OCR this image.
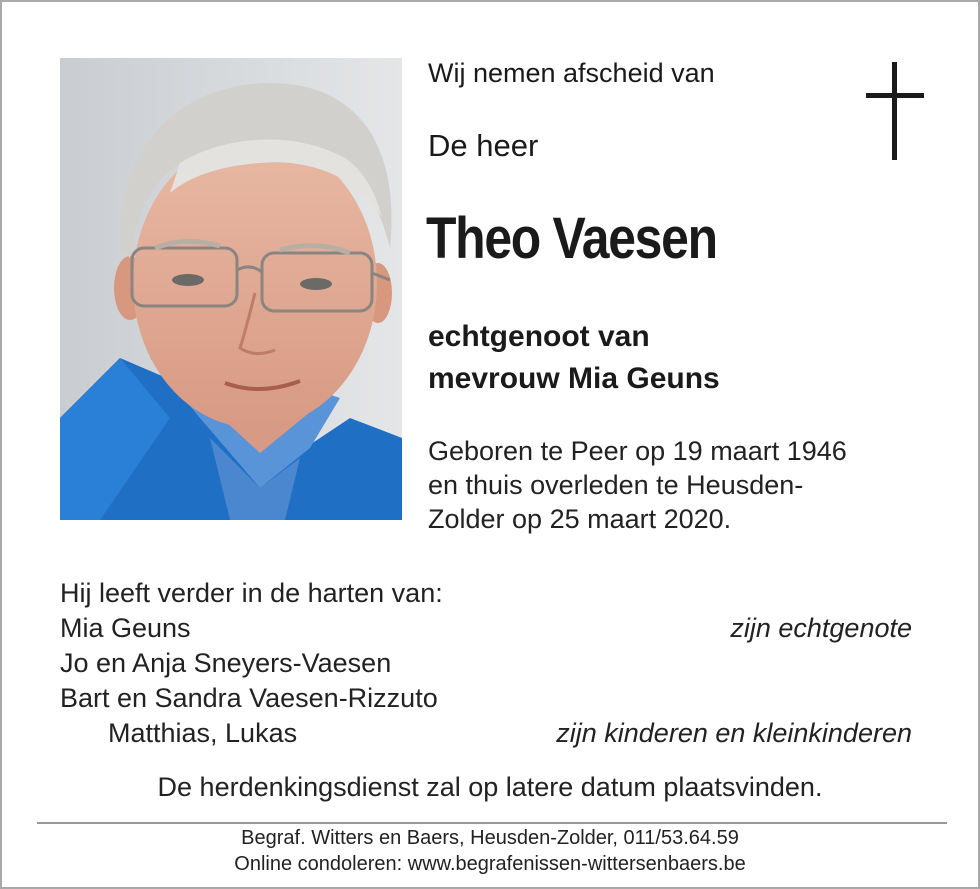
Wij nemen afscheid van
De heer
Theo Vaesen
echtgenoot van
mevrouw Mia Geuns
Geboren te Peer op 19 maart 1946
en thuis overleden te Heusden-
Zolder op 25 maart 2020.
Hij leeft verder in de harten van:
Mia Geuns	zijn echtgenote
Jo en Anja Sneyers-Vaesen
Bart en Sandra Vaesen-Rizzuto
Matthias, Lukas	zijn kinderen en kleinkinderen
De herdenkingsdienst zal op latere datum plaatsvinden.
Begraf. Witters en Baers, Heusden-Zolder, 011/53.64.59
Online condoleren: www.begrafenissen-wittersenbaers.be
